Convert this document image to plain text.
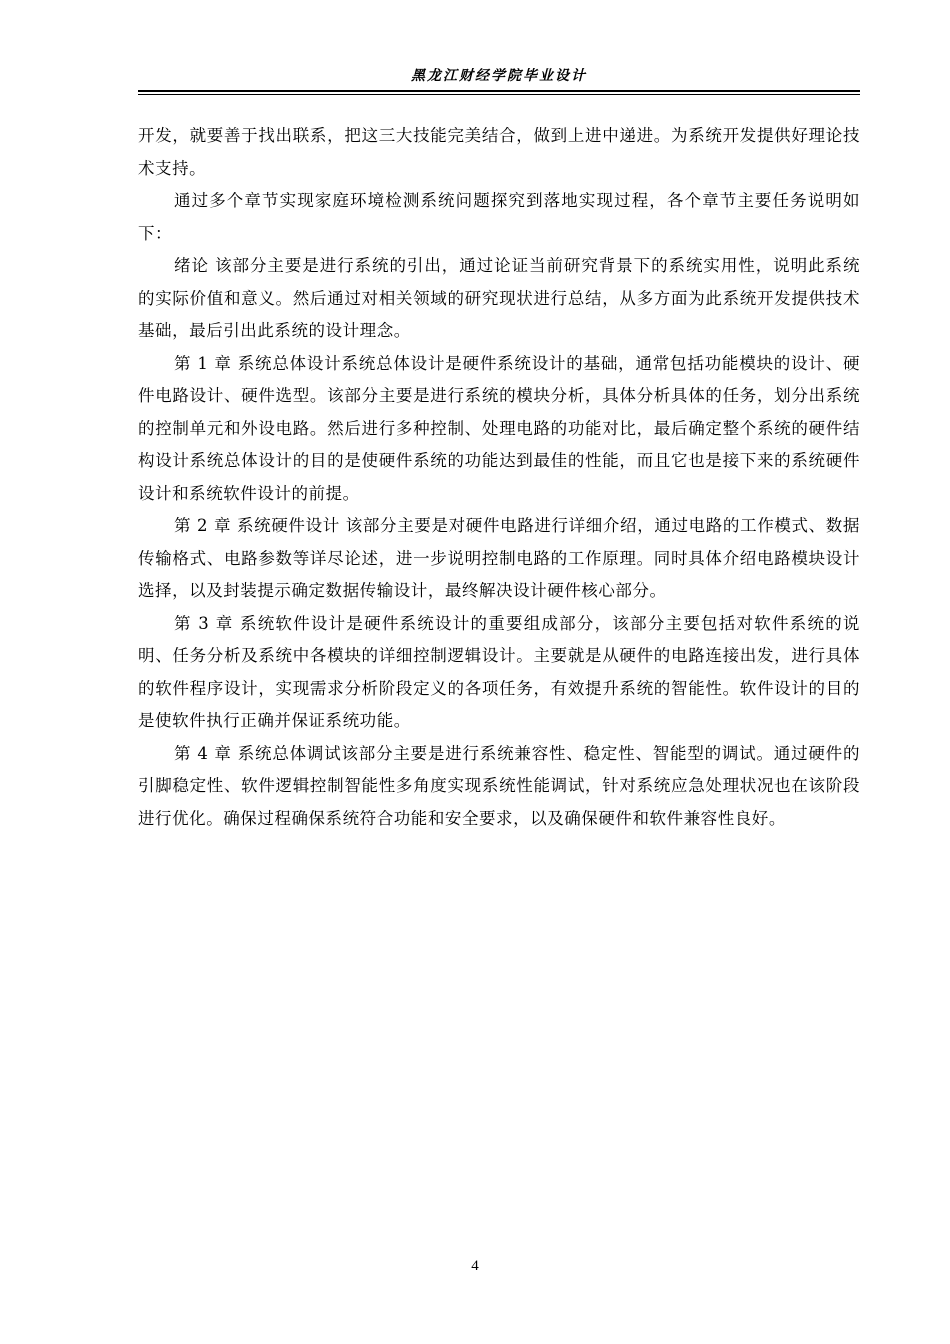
黑龙江财经学院毕业设计

开发，就要善于找出联系，把这三大技能完美结合，做到上进中递进。为系统开发提供好理论技术支持。

通过多个章节实现家庭环境检测系统问题探究到落地实现过程，各个章节主要任务说明如下：

绪论 该部分主要是进行系统的引出，通过论证当前研究背景下的系统实用性，说明此系统的实际价值和意义。然后通过对相关领域的研究现状进行总结，从多方面为此系统开发提供技术基础，最后引出此系统的设计理念。

第 1 章 系统总体设计系统总体设计是硬件系统设计的基础，通常包括功能模块的设计、硬件电路设计、硬件选型。该部分主要是进行系统的模块分析，具体分析具体的任务，划分出系统的控制单元和外设电路。然后进行多种控制、处理电路的功能对比，最后确定整个系统的硬件结构设计系统总体设计的目的是使硬件系统的功能达到最佳的性能，而且它也是接下来的系统硬件设计和系统软件设计的前提。

第 2 章 系统硬件设计 该部分主要是对硬件电路进行详细介绍，通过电路的工作模式、数据传输格式、电路参数等详尽论述，进一步说明控制电路的工作原理。同时具体介绍电路模块设计选择，以及封装提示确定数据传输设计，最终解决设计硬件核心部分。

第 3 章 系统软件设计是硬件系统设计的重要组成部分，该部分主要包括对软件系统的说明、任务分析及系统中各模块的详细控制逻辑设计。主要就是从硬件的电路连接出发，进行具体的软件程序设计，实现需求分析阶段定义的各项任务，有效提升系统的智能性。软件设计的目的是使软件执行正确并保证系统功能。

第 4 章 系统总体调试该部分主要是进行系统兼容性、稳定性、智能型的调试。通过硬件的引脚稳定性、软件逻辑控制智能性多角度实现系统性能调试，针对系统应急处理状况也在该阶段进行优化。确保过程确保系统符合功能和安全要求，以及确保硬件和软件兼容性良好。

4
